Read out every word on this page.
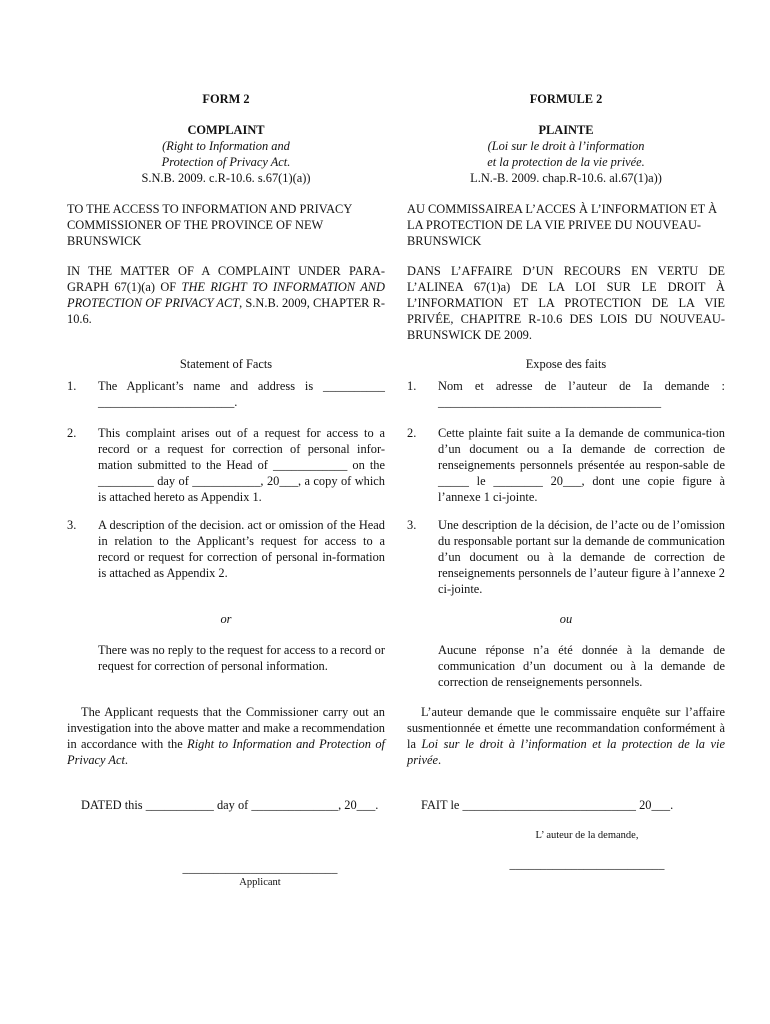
FORM 2
COMPLAINT
(Right to Information and
Protection of Privacy Act.
S.N.B. 2009. c.R-10.6. s.67(1)(a))
TO THE ACCESS TO INFORMATION AND PRIVACY COMMISSIONER OF THE PROVINCE OF NEW BRUNSWICK
IN THE MATTER OF A COMPLAINT UNDER PARA-GRAPH 67(1)(a) OF THE RIGHT TO INFORMATION AND PROTECTION OF PRIVACY ACT, S.N.B. 2009, CHAPTER R-10.6.
Statement of Facts
1. The Applicant’s name and address is __________ ______________________.
2. This complaint arises out of a request for access to a record or a request for correction of personal infor-mation submitted to the Head of ____________ on the _________ day of ___________, 20___, a copy of which is attached hereto as Appendix 1.
3. A description of the decision. act or omission of the Head in relation to the Applicant’s request for access to a record or request for correction of personal in-formation is attached as Appendix 2.
or
There was no reply to the request for access to a record or request for correction of personal information.
The Applicant requests that the Commissioner carry out an investigation into the above matter and make a recommendation in accordance with the Right to Information and Protection of Privacy Act.
DATED this ___________ day of ______________, 20___.
_________________________
Applicant
FORMULE 2
PLAINTE
(Loi sur le droit à l’information
et la protection de la vie privée.
L.N.-B. 2009. chap.R-10.6. al.67(1)a))
AU COMMISSAIREA L’ACCES À L’INFORMATION ET À LA PROTECTION DE LA VIE PRIVEE DU NOUVEAU-BRUNSWICK
DANS L’AFFAIRE D’UN RECOURS EN VERTU DE L’ALINEA 67(1)a) DE LA LOI SUR LE DROIT À L’INFORMATION ET LA PROTECTION DE LA VIE PRIVÉE, CHAPITRE R-10.6 DES LOIS DU NOUVEAU-BRUNSWICK DE 2009.
Expose des faits
1. Nom et adresse de l’auteur de Ia demande : ____________________________________
2. Cette plainte fait suite a Ia demande de communica-tion d’un document ou a Ia demande de correction de renseignements personnels présentée au respon-sable de _____ le ________ 20___, dont une copie figure à l’annexe 1 ci-jointe.
3. Une description de la décision, de l’acte ou de l’omission du responsable portant sur la demande de communication d’un document ou à la demande de correction de renseignements personnels de l’auteur figure à l’annexe 2 ci-jointe.
ou
Aucune réponse n’a été donnée à la demande de communication d’un document ou à la demande de correction de renseignements personnels.
L’auteur demande que le commissaire enquête sur l’affaire susmentionnée et émette une recommandation conformément à la Loi sur le droit à l’information et la protection de la vie privée.
FAIT le ____________________________ 20___.
L’ auteur de la demande,
_________________________
